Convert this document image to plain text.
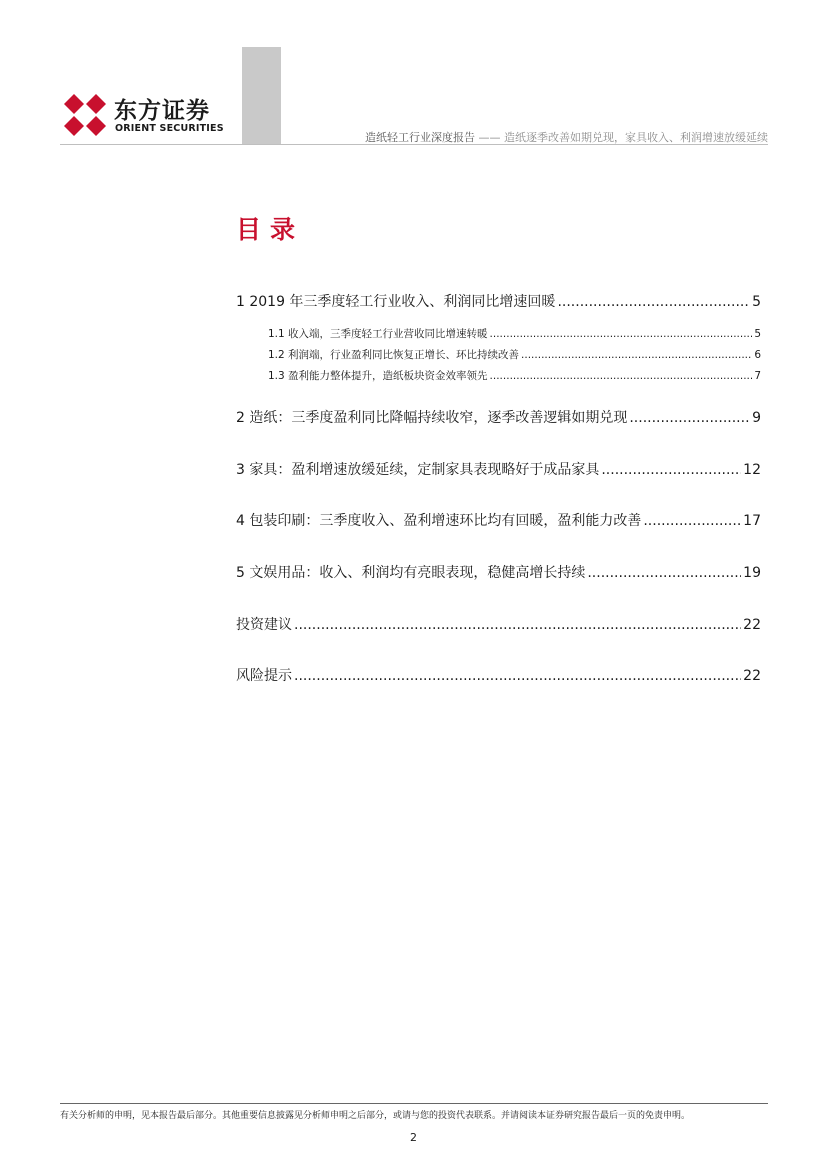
东方证券
ORIENT SECURITIES
造纸轻工行业深度报告 —— 造纸逐季改善如期兑现，家具收入、利润增速放缓延续
目录
1 2019 年三季度轻工行业收入、利润同比增速回暖 .....	5
1.1 收入端，三季度轻工行业营收同比增速转暖 .....	5
1.2 利润端，行业盈利同比恢复正增长、环比持续改善 .....	6
1.3 盈利能力整体提升，造纸板块资金效率领先 .....	7
2 造纸：三季度盈利同比降幅持续收窄，逐季改善逻辑如期兑现 .....	9
3 家具：盈利增速放缓延续，定制家具表现略好于成品家具 .....	12
4 包装印刷：三季度收入、盈利增速环比均有回暖，盈利能力改善 .....	17
5 文娱用品：收入、利润均有亮眼表现，稳健高增长持续 .....	19
投资建议 .....	22
风险提示 .....	22
有关分析师的申明，见本报告最后部分。其他重要信息披露见分析师申明之后部分，或请与您的投资代表联系。并请阅读本证券研究报告最后一页的免责申明。
2
